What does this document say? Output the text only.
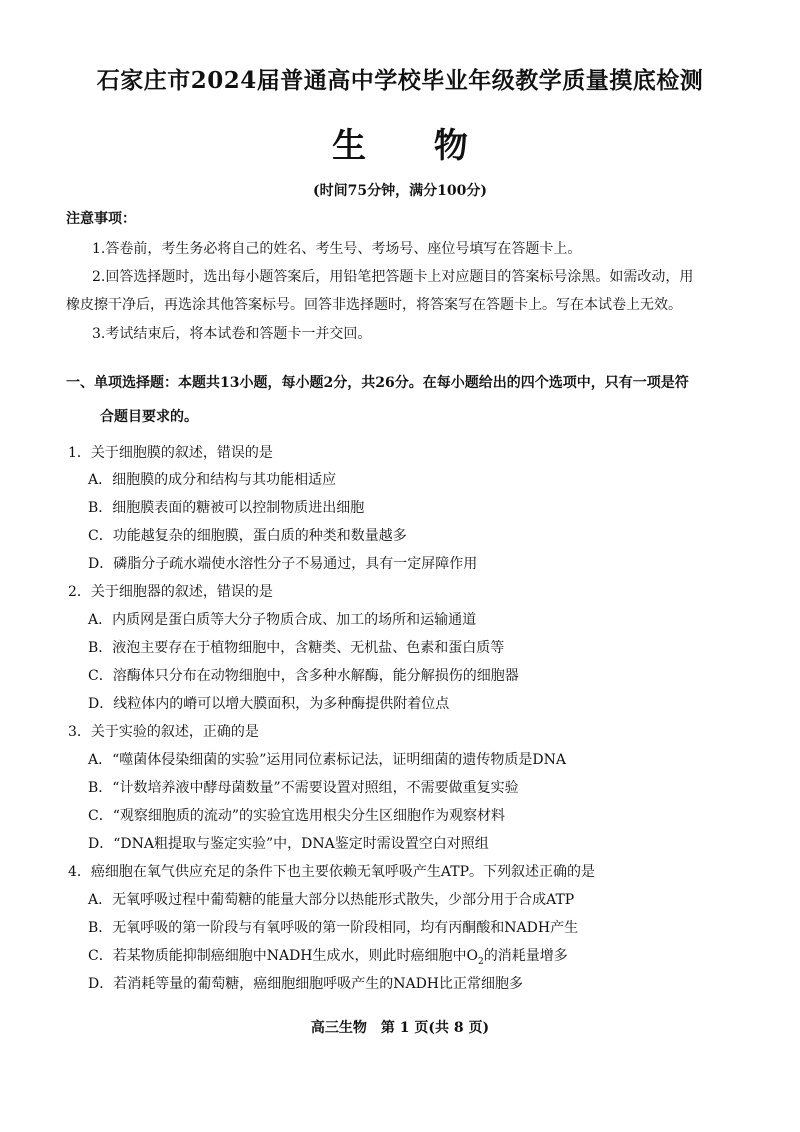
石家庄市2024届普通高中学校毕业年级教学质量摸底检测
生 物
(时间75分钟，满分100分)
注意事项：
1.答卷前，考生务必将自己的姓名、考生号、考场号、座位号填写在答题卡上。
2.回答选择题时，选出每小题答案后，用铅笔把答题卡上对应题目的答案标号涂黑。如需改动，用
橡皮擦干净后，再选涂其他答案标号。回答非选择题时，将答案写在答题卡上。写在本试卷上无效。
3.考试结束后，将本试卷和答题卡一并交回。
一、单项选择题：本题共13小题，每小题2分，共26分。在每小题给出的四个选项中，只有一项是符
合题目要求的。
1．关于细胞膜的叙述，错误的是
A．细胞膜的成分和结构与其功能相适应
B．细胞膜表面的糖被可以控制物质进出细胞
C．功能越复杂的细胞膜，蛋白质的种类和数量越多
D．磷脂分子疏水端使水溶性分子不易通过，具有一定屏障作用
2．关于细胞器的叙述，错误的是
A．内质网是蛋白质等大分子物质合成、加工的场所和运输通道
B．液泡主要存在于植物细胞中，含糖类、无机盐、色素和蛋白质等
C．溶酶体只分布在动物细胞中，含多种水解酶，能分解损伤的细胞器
D．线粒体内的嵴可以增大膜面积，为多种酶提供附着位点
3．关于实验的叙述，正确的是
A．“噬菌体侵染细菌的实验”运用同位素标记法，证明细菌的遗传物质是DNA
B．“计数培养液中酵母菌数量”不需要设置对照组，不需要做重复实验
C．“观察细胞质的流动”的实验宜选用根尖分生区细胞作为观察材料
D．“DNA粗提取与鉴定实验”中，DNA鉴定时需设置空白对照组
4．癌细胞在氧气供应充足的条件下也主要依赖无氧呼吸产生ATP。下列叙述正确的是
A．无氧呼吸过程中葡萄糖的能量大部分以热能形式散失，少部分用于合成ATP
B．无氧呼吸的第一阶段与有氧呼吸的第一阶段相同，均有丙酮酸和NADH产生
C．若某物质能抑制癌细胞中NADH生成水，则此时癌细胞中$O_2$的消耗量增多
D．若消耗等量的葡萄糖，癌细胞细胞呼吸产生的NADH比正常细胞多
高三生物　第 1 页(共 8 页)
